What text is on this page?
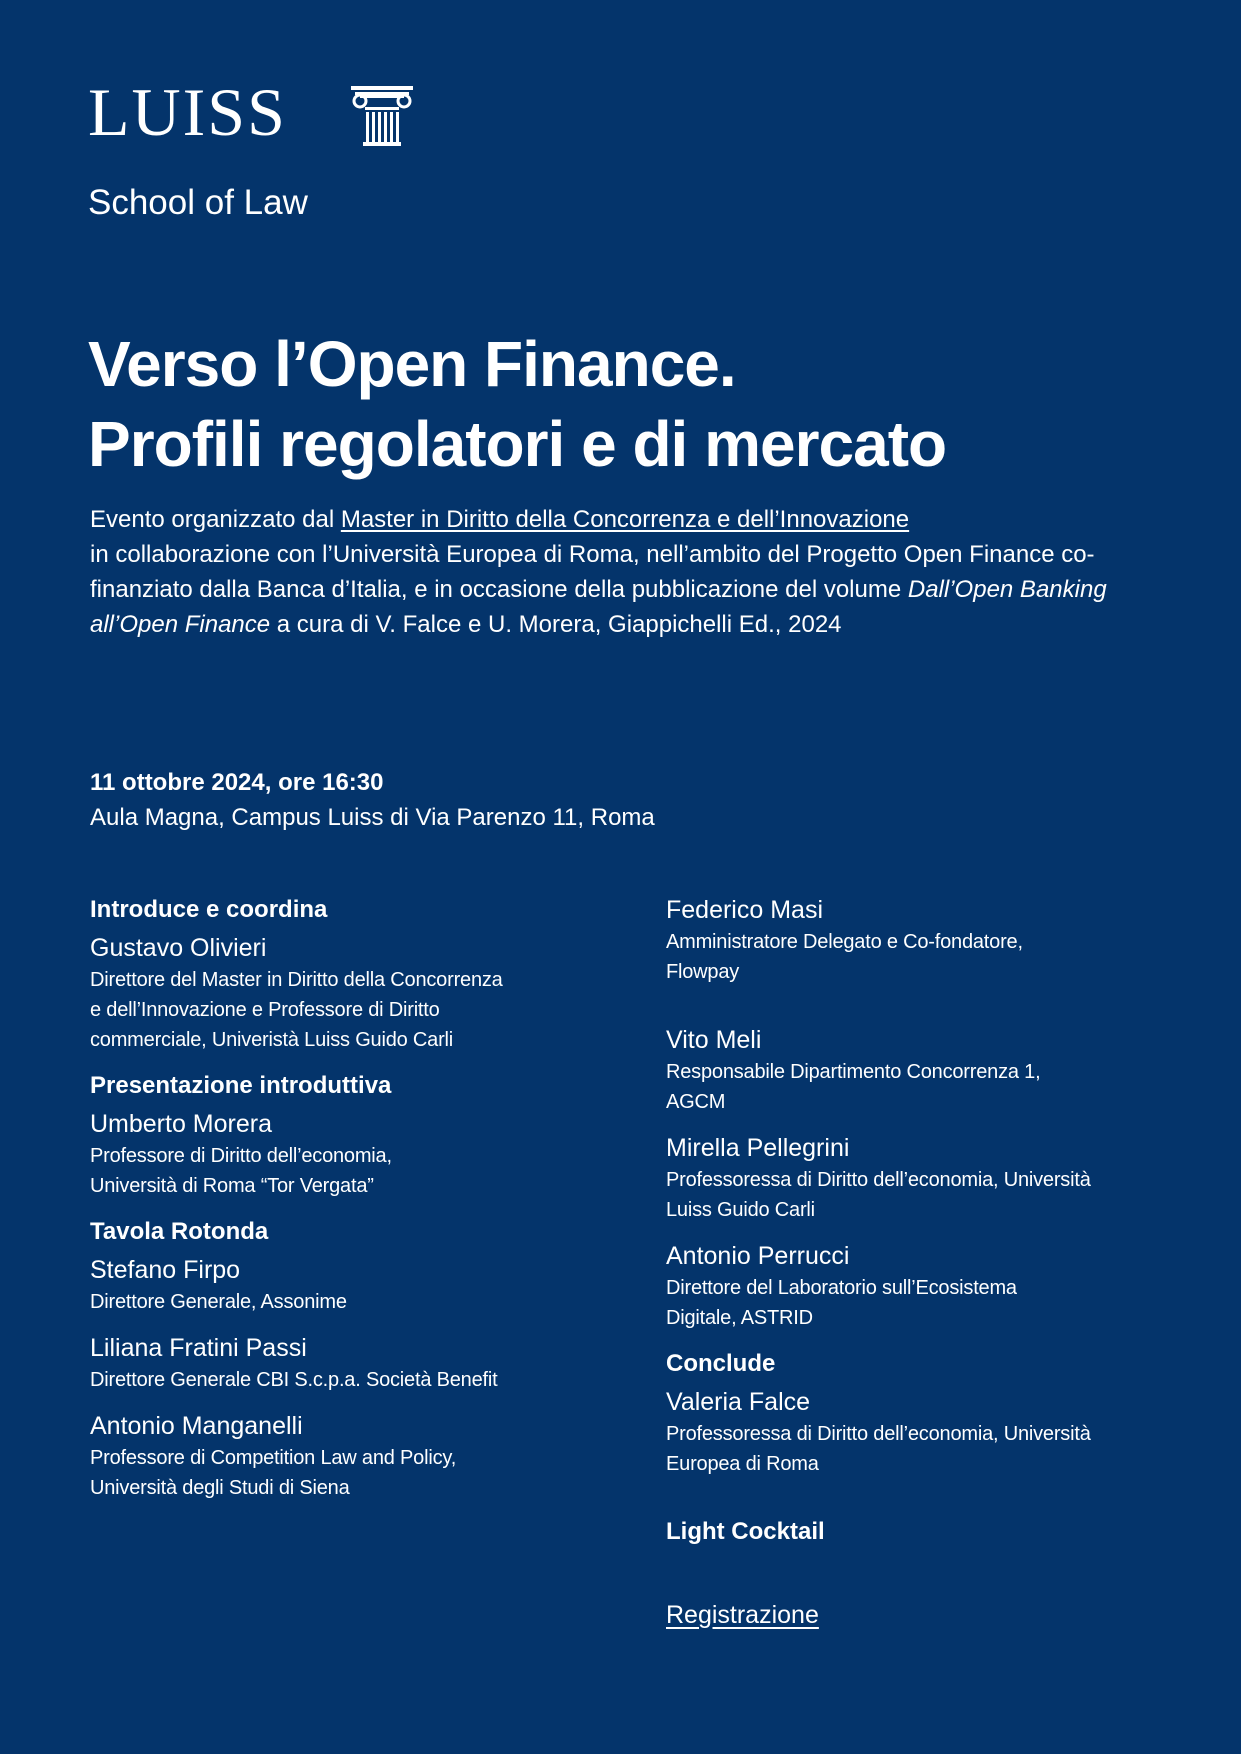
LUISS
School of Law
Verso l’Open Finance.
Profili regolatori e di mercato
Evento organizzato dal Master in Diritto della Concorrenza e dell’Innovazione
in collaborazione con l’Università Europea di Roma, nell’ambito del Progetto Open Finance co-finanziato dalla Banca d’Italia, e in occasione della pubblicazione del volume Dall’Open Banking all’Open Finance a cura di V. Falce e U. Morera, Giappichelli Ed., 2024
11 ottobre 2024, ore 16:30
Aula Magna, Campus Luiss di Via Parenzo 11, Roma
Introduce e coordina
Gustavo Olivieri
Direttore del Master in Diritto della Concorrenza
e dell’Innovazione e Professore di Diritto
commerciale, Univeristà Luiss Guido Carli
Presentazione introduttiva
Umberto Morera
Professore di Diritto dell’economia,
Università di Roma “Tor Vergata”
Tavola Rotonda
Stefano Firpo
Direttore Generale, Assonime
Liliana Fratini Passi
Direttore Generale CBI S.c.p.a. Società Benefit
Antonio Manganelli
Professore di Competition Law and Policy,
Università degli Studi di Siena
Federico Masi
Amministratore Delegato e Co-fondatore,
Flowpay
Vito Meli
Responsabile Dipartimento Concorrenza 1,
AGCM
Mirella Pellegrini
Professoressa di Diritto dell’economia, Università
Luiss Guido Carli
Antonio Perrucci
Direttore del Laboratorio sull’Ecosistema
Digitale, ASTRID
Conclude
Valeria Falce
Professoressa di Diritto dell’economia, Università
Europea di Roma
Light Cocktail
Registrazione
